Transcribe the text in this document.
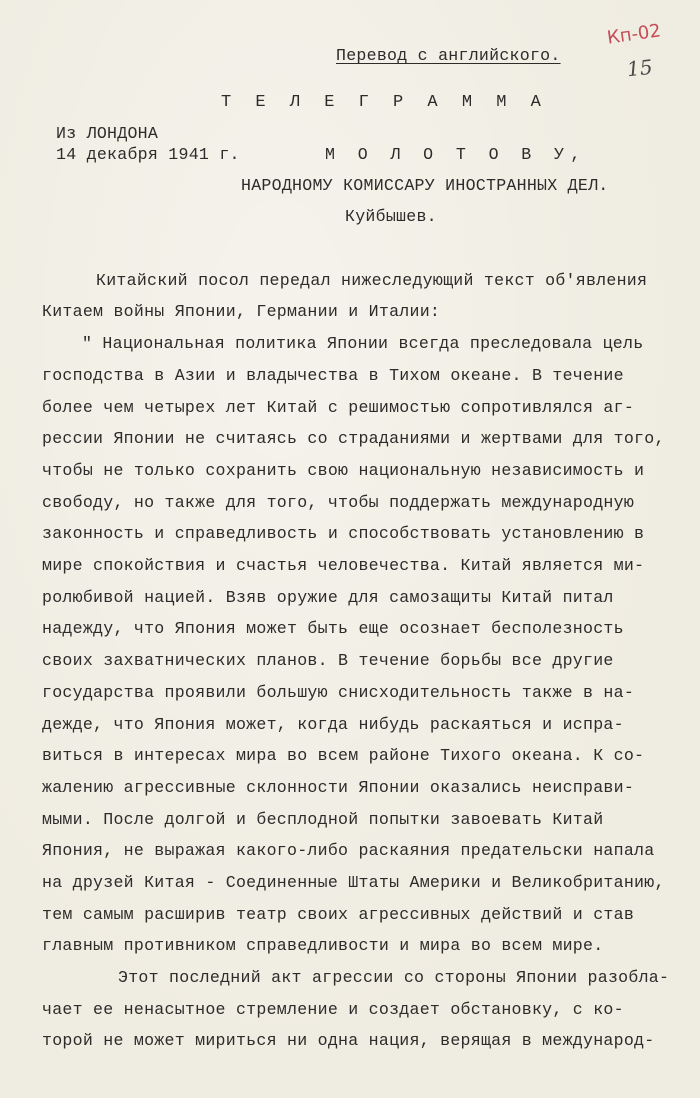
Перевод с английского.
Кп-02
15
Т Е Л Е Г Р А М М А
Из ЛОНДОНА
14 декабря 1941 г.	М О Л О Т О В У,
НАРОДНОМУ КОМИССАРУ ИНОСТРАННЫХ ДЕЛ.
Куйбышев.
Китайский посол передал нижеследующий текст об'явления
Китаем войны Японии, Германии и Италии:
" Национальная политика Японии всегда преследовала цель
господства в Азии и владычества в Тихом океане. В течение
более чем четырех лет Китай с решимостью сопротивлялся аг-
рессии Японии не считаясь со страданиями и жертвами для того,
чтобы не только сохранить свою национальную независимость и
свободу, но также для того, чтобы поддержать международную
законность и справедливость и способствовать установлению в
мире спокойствия и счастья человечества. Китай является ми-
ролюбивой нацией. Взяв оружие для самозащиты Китай питал
надежду, что Япония может быть еще осознает бесполезность
своих захватнических планов. В течение борьбы все другие
государства проявили большую снисходительность также в на-
дежде, что Япония может, когда нибудь раскаяться и испра-
виться в интересах мира во всем районе Тихого океана. К со-
жалению агрессивные склонности Японии оказались неисправи-
мыми. После долгой и бесплодной попытки завоевать Китай
Япония, не выражая какого-либо раскаяния предательски напала
на друзей Китая - Соединенные Штаты Америки и Великобританию,
тем самым расширив театр своих агрессивных действий и став
главным противником справедливости и мира во всем мире.
Этот последний акт агрессии со стороны Японии разобла-
чает ее ненасытное стремление и создает обстановку, с ко-
торой не может мириться ни одна нация, верящая в международ-
